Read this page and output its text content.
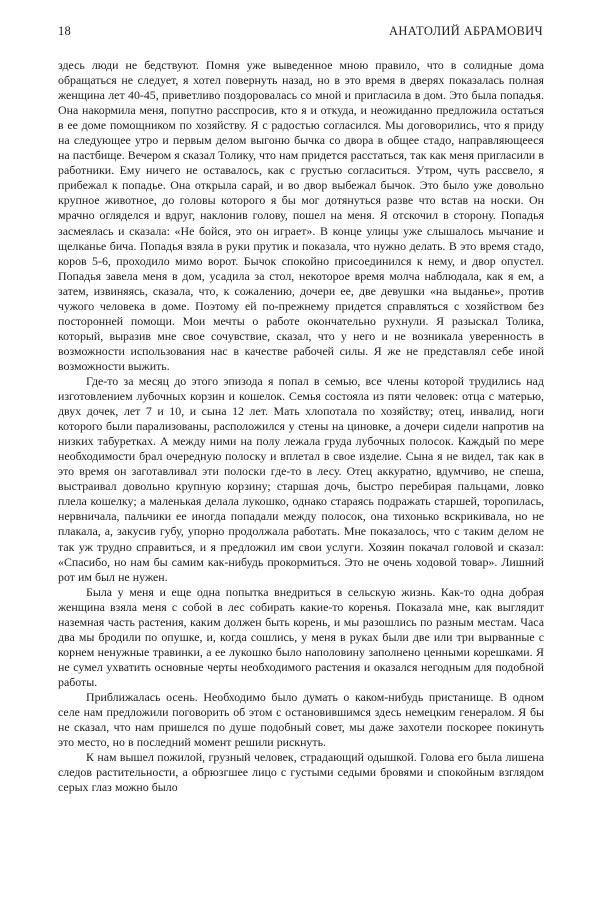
18	АНАТОЛИЙ АБРАМОВИЧ

здесь люди не бедствуют. Помня уже выведенное мною правило, что в солидные дома обращаться не следует, я хотел повернуть назад, но в это время в дверях показалась полная женщина лет 40-45, приветливо поздоровалась со мной и пригласила в дом. Это была попадья. Она накормила меня, попутно расспросив, кто я и откуда, и неожиданно предложила остаться в ее доме помощником по хозяйству. Я с радостью согласился. Мы договорились, что я приду на следующее утро и первым делом выгоню бычка со двора в общее стадо, направляющееся на пастбище. Вечером я сказал Толику, что нам придется расстаться, так как меня пригласили в работники. Ему ничего не оставалось, как с грустью согласиться. Утром, чуть рассвело, я прибежал к попадье. Она открыла сарай, и во двор выбежал бычок. Это было уже довольно крупное животное, до головы которого я бы мог дотянуться разве что встав на носки. Он мрачно огляделся и вдруг, наклонив голову, пошел на меня. Я отскочил в сторону. Попадья засмеялась и сказала: «Не бойся, это он играет». В конце улицы уже слышалось мычание и щелканье бича. Попадья взяла в руки прутик и показала, что нужно делать. В это время стадо, коров 5-6, проходило мимо ворот. Бычок спокойно присоединился к нему, и двор опустел. Попадья завела меня в дом, усадила за стол, некоторое время молча наблюдала, как я ем, а затем, извиняясь, сказала, что, к сожалению, дочери ее, две девушки «на выданье», против чужого человека в доме. Поэтому ей по-прежнему придется справляться с хозяйством без посторонней помощи. Мои мечты о работе окончательно рухнули. Я разыскал Толика, который, выразив мне свое сочувствие, сказал, что у него и не возникала уверенность в возможности использования нас в качестве рабочей силы. Я же не представлял себе иной возможности выжить.

Где-то за месяц до этого эпизода я попал в семью, все члены которой трудились над изготовлением лубочных корзин и кошелок. Семья состояла из пяти человек: отца с матерью, двух дочек, лет 7 и 10, и сына 12 лет. Мать хлопотала по хозяйству; отец, инвалид, ноги которого были парализованы, расположился у стены на циновке, а дочери сидели напротив на низких табуретках. А между ними на полу лежала груда лубочных полосок. Каждый по мере необходимости брал очередную полоску и вплетал в свое изделие. Сына я не видел, так как в это время он заготавливал эти полоски где-то в лесу. Отец аккуратно, вдумчиво, не спеша, выстраивал довольно крупную корзину; старшая дочь, быстро перебирая пальцами, ловко плела кошелку; а маленькая делала лукошко, однако стараясь подражать старшей, торопилась, нервничала, пальчики ее иногда попадали между полосок, она тихонько вскрикивала, но не плакала, а, закусив губу, упорно продолжала работать. Мне показалось, что с таким делом не так уж трудно справиться, и я предложил им свои услуги. Хозяин покачал головой и сказал: «Спасибо, но нам бы самим как-нибудь прокормиться. Это не очень ходовой товар». Лишний рот им был не нужен.

Была у меня и еще одна попытка внедриться в сельскую жизнь. Как-то одна добрая женщина взяла меня с собой в лес собирать какие-то коренья. Показала мне, как выглядит наземная часть растения, каким должен быть корень, и мы разошлись по разным местам. Часа два мы бродили по опушке, и, когда сошлись, у меня в руках были две или три вырванные с корнем ненужные травинки, а ее лукошко было наполовину заполнено ценными корешками. Я не сумел ухватить основные черты необходимого растения и оказался негодным для подобной работы.

Приближалась осень. Необходимо было думать о каком-нибудь пристанище. В одном селе нам предложили поговорить об этом с остановившимся здесь немецким генералом. Я бы не сказал, что нам пришелся по душе подобный совет, мы даже захотели поскорее покинуть это место, но в последний момент решили рискнуть.

К нам вышел пожилой, грузный человек, страдающий одышкой. Голова его была лишена следов растительности, а обрюзгшее лицо с густыми седыми бровями и спокойным взглядом серых глаз можно было
